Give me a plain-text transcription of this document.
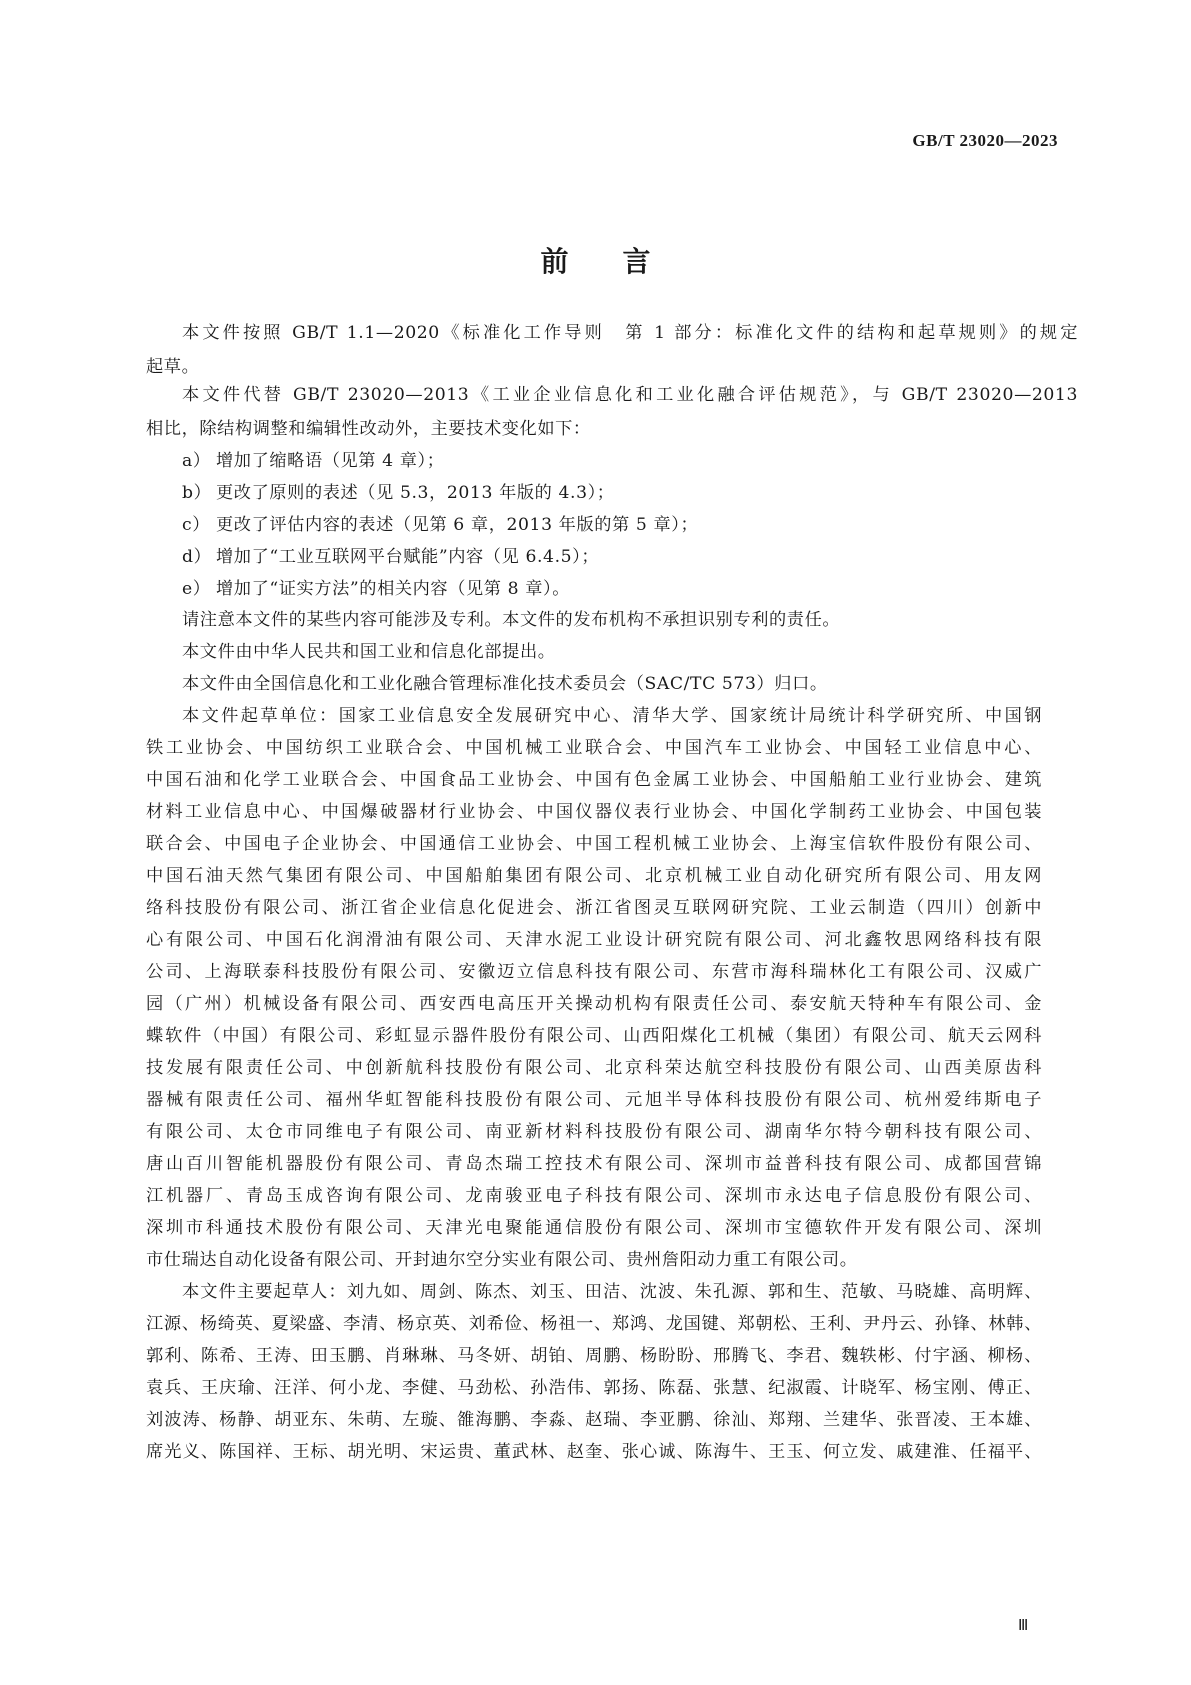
GB/T 23020—2023
前言
本文件按照 GB/T 1.1—2020《标准化工作导则　第 1 部分：标准化文件的结构和起草规则》的规定
起草。
本文件代替 GB/T 23020—2013《工业企业信息化和工业化融合评估规范》，与 GB/T 23020—2013
相比，除结构调整和编辑性改动外，主要技术变化如下：
a） 增加了缩略语（见第 4 章）；
b） 更改了原则的表述（见 5.3，2013 年版的 4.3）；
c） 更改了评估内容的表述（见第 6 章，2013 年版的第 5 章）；
d） 增加了“工业互联网平台赋能”内容（见 6.4.5）；
e） 增加了“证实方法”的相关内容（见第 8 章）。
请注意本文件的某些内容可能涉及专利。本文件的发布机构不承担识别专利的责任。
本文件由中华人民共和国工业和信息化部提出。
本文件由全国信息化和工业化融合管理标准化技术委员会（SAC/TC 573）归口。
本文件起草单位：国家工业信息安全发展研究中心、清华大学、国家统计局统计科学研究所、中国钢
铁工业协会、中国纺织工业联合会、中国机械工业联合会、中国汽车工业协会、中国轻工业信息中心、
中国石油和化学工业联合会、中国食品工业协会、中国有色金属工业协会、中国船舶工业行业协会、建筑
材料工业信息中心、中国爆破器材行业协会、中国仪器仪表行业协会、中国化学制药工业协会、中国包装
联合会、中国电子企业协会、中国通信工业协会、中国工程机械工业协会、上海宝信软件股份有限公司、
中国石油天然气集团有限公司、中国船舶集团有限公司、北京机械工业自动化研究所有限公司、用友网
络科技股份有限公司、浙江省企业信息化促进会、浙江省图灵互联网研究院、工业云制造（四川）创新中
心有限公司、中国石化润滑油有限公司、天津水泥工业设计研究院有限公司、河北鑫牧思网络科技有限
公司、上海联泰科技股份有限公司、安徽迈立信息科技有限公司、东营市海科瑞林化工有限公司、汉威广
园（广州）机械设备有限公司、西安西电高压开关操动机构有限责任公司、泰安航天特种车有限公司、金
蝶软件（中国）有限公司、彩虹显示器件股份有限公司、山西阳煤化工机械（集团）有限公司、航天云网科
技发展有限责任公司、中创新航科技股份有限公司、北京科荣达航空科技股份有限公司、山西美原齿科
器械有限责任公司、福州华虹智能科技股份有限公司、元旭半导体科技股份有限公司、杭州爱纬斯电子
有限公司、太仓市同维电子有限公司、南亚新材料科技股份有限公司、湖南华尔特今朝科技有限公司、
唐山百川智能机器股份有限公司、青岛杰瑞工控技术有限公司、深圳市益普科技有限公司、成都国营锦
江机器厂、青岛玉成咨询有限公司、龙南骏亚电子科技有限公司、深圳市永达电子信息股份有限公司、
深圳市科通技术股份有限公司、天津光电聚能通信股份有限公司、深圳市宝德软件开发有限公司、深圳
市仕瑞达自动化设备有限公司、开封迪尔空分实业有限公司、贵州詹阳动力重工有限公司。
本文件主要起草人：刘九如、周剑、陈杰、刘玉、田洁、沈波、朱孔源、郭和生、范敏、马晓雄、高明辉、
江源、杨绮英、夏梁盛、李清、杨京英、刘希俭、杨祖一、郑鸿、龙国键、郑朝松、王利、尹丹云、孙锋、林韩、
郭利、陈希、王涛、田玉鹏、肖琳琳、马冬妍、胡铂、周鹏、杨盼盼、邢腾飞、李君、魏轶彬、付宇涵、柳杨、
袁兵、王庆瑜、汪洋、何小龙、李健、马劲松、孙浩伟、郭扬、陈磊、张慧、纪淑霞、计晓军、杨宝刚、傅正、
刘波涛、杨静、胡亚东、朱萌、左璇、雒海鹏、李淼、赵瑞、李亚鹏、徐汕、郑翔、兰建华、张晋凌、王本雄、
席光义、陈国祥、王标、胡光明、宋运贵、董武林、赵奎、张心诚、陈海牛、王玉、何立发、戚建淮、任福平、
Ⅲ
